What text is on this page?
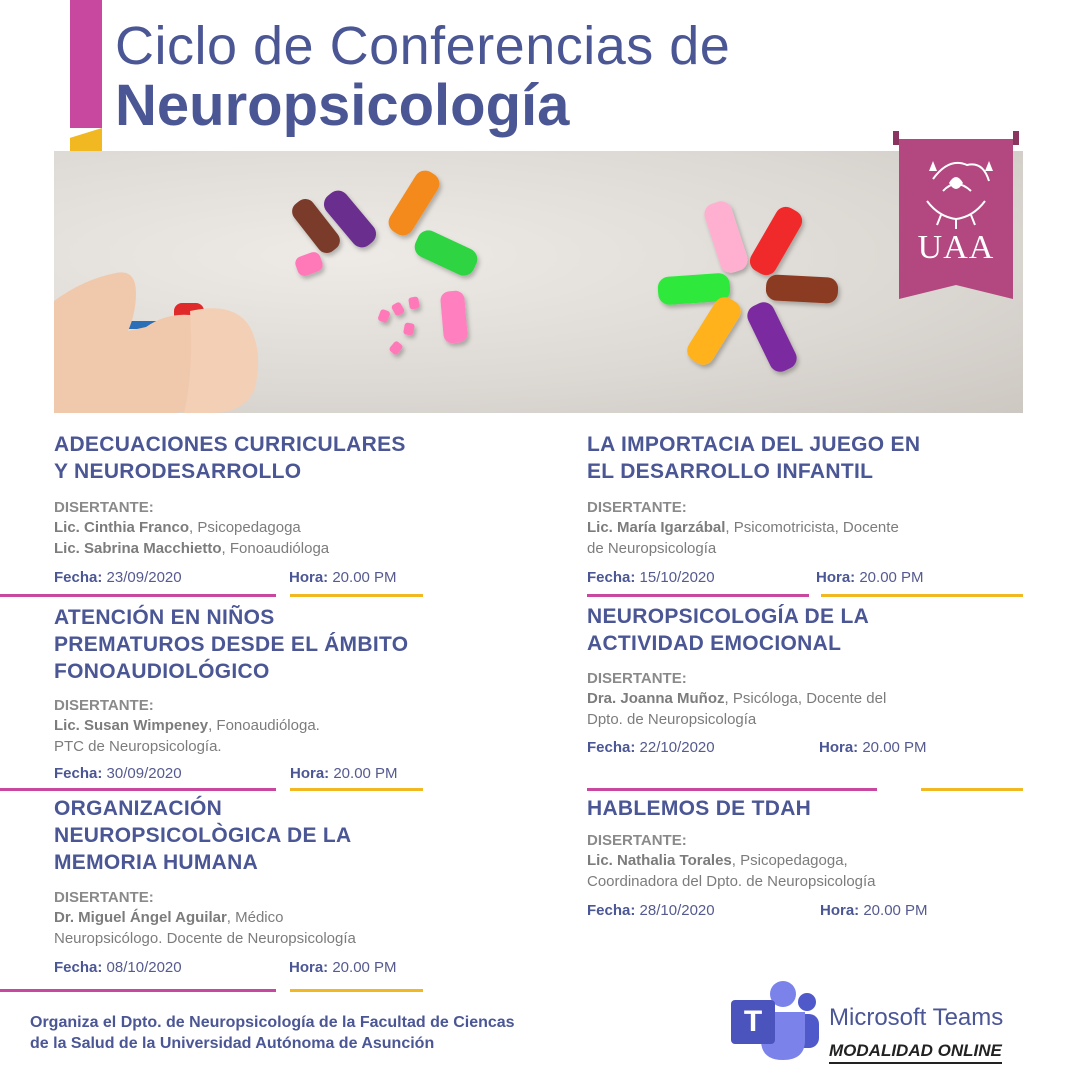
Ciclo de Conferencias de
Neuropsicología
UAA
ADECUACIONES CURRICULARES
Y NEURODESARROLLO
DISERTANTE:
Lic. Cinthia Franco, Psicopedagoga
Lic. Sabrina Macchietto, Fonoaudióloga
Fecha: 23/09/2020	Hora: 20.00 PM
ATENCIÓN EN NIÑOS
PREMATUROS DESDE EL ÁMBITO
FONOAUDIOLÓGICO
DISERTANTE:
Lic. Susan Wimpeney, Fonoaudióloga.
PTC de Neuropsicología.
Fecha: 30/09/2020	Hora: 20.00 PM
ORGANIZACIÓN
NEUROPSICOLÒGICA DE LA
MEMORIA HUMANA
DISERTANTE:
Dr. Miguel Ángel Aguilar, Médico
Neuropsicólogo. Docente de Neuropsicología
Fecha: 08/10/2020	Hora: 20.00 PM
LA IMPORTACIA DEL JUEGO EN
EL DESARROLLO INFANTIL
DISERTANTE:
Lic. María Igarzábal, Psicomotricista, Docente
de Neuropsicología
Fecha: 15/10/2020	Hora: 20.00 PM
NEUROPSICOLOGÍA DE LA
ACTIVIDAD EMOCIONAL
DISERTANTE:
Dra. Joanna Muñoz, Psicóloga, Docente del
Dpto. de Neuropsicología
Fecha: 22/10/2020	Hora: 20.00 PM
HABLEMOS DE TDAH
DISERTANTE:
Lic. Nathalia Torales, Psicopedagoga,
Coordinadora del Dpto. de Neuropsicología
Fecha: 28/10/2020	Hora: 20.00 PM
Organiza el Dpto. de Neuropsicología de la Facultad de Ciencas
de la Salud de la Universidad Autónoma de Asunción
T	Microsoft Teams
MODALIDAD ONLINE
